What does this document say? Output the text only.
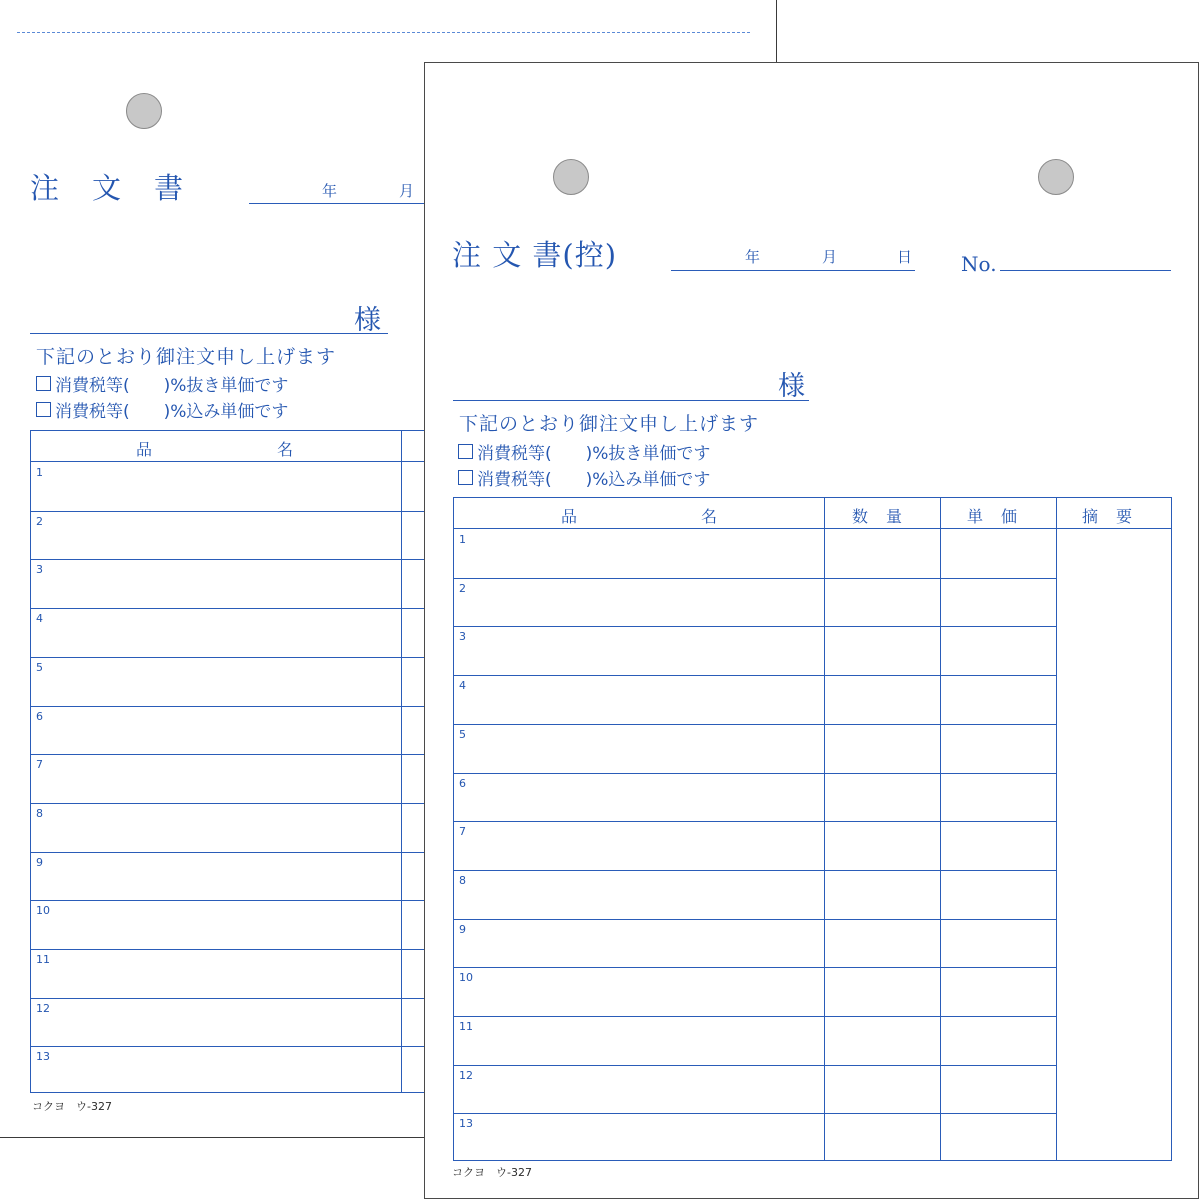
注　文　書	年	月
様
下記のとおり御注文申し上げます
消費税等(　　)%抜き単価です
消費税等(　　)%込み単価です
品	名
1
2
3
4
5
6
7
8
9
10
11
12
13
コクヨ　ウ-327
注 文 書(控)	年	月	日 No.
様
下記のとおり御注文申し上げます
消費税等(　　)%抜き単価です
消費税等(　　)%込み単価です
品	名	数　量	単　価	摘　要
1
2
3
4
5
6
7
8
9
10
11
12
13
コクヨ　ウ-327
